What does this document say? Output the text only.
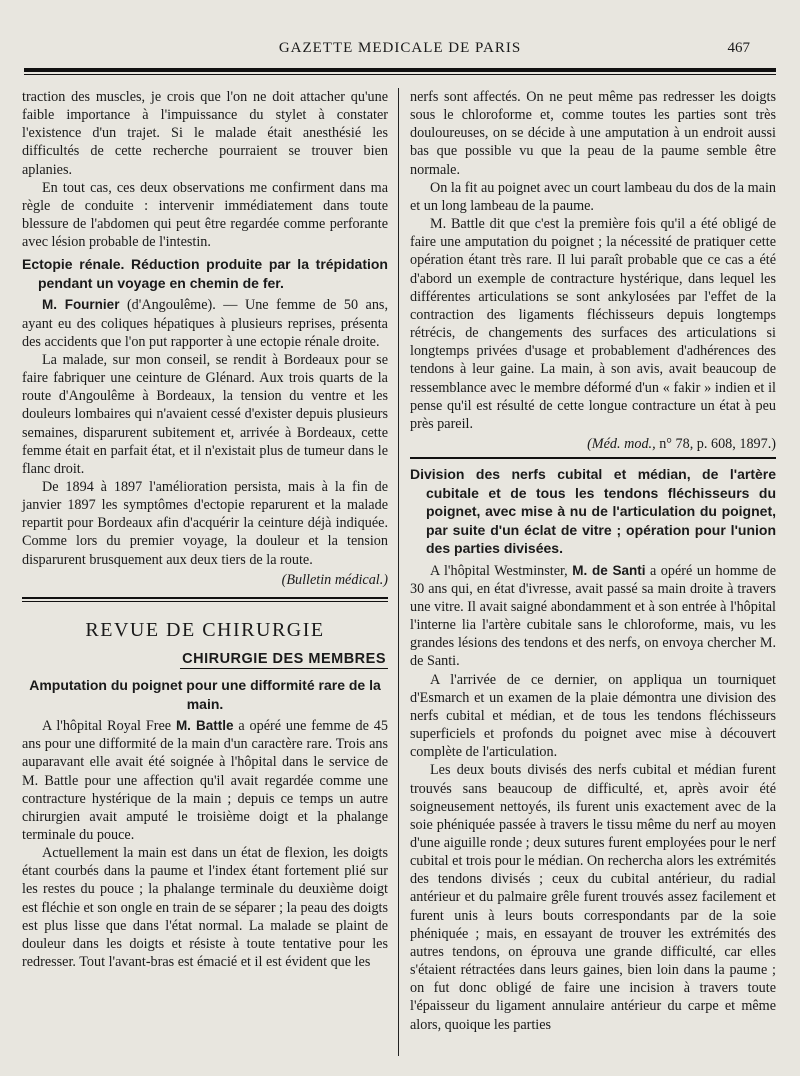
GAZETTE MEDICALE DE PARIS	467

traction des muscles, je crois que l'on ne doit attacher qu'une faible importance à l'impuissance du stylet à constater l'existence d'un trajet. Si le malade était anesthésié les difficultés de cette recherche pourraient se trouver bien aplanies.

En tout cas, ces deux observations me confirment dans ma règle de conduite : intervenir immédiatement dans toute blessure de l'abdomen qui peut être regardée comme perforante avec lésion probable de l'intestin.

Ectopie rénale. Réduction produite par la trépidation pendant un voyage en chemin de fer.

M. Fournier (d'Angoulême). — Une femme de 50 ans, ayant eu des coliques hépatiques à plusieurs reprises, présenta des accidents que l'on put rapporter à une ectopie rénale droite.

La malade, sur mon conseil, se rendit à Bordeaux pour se faire fabriquer une ceinture de Glénard. Aux trois quarts de la route d'Angoulême à Bordeaux, la tension du ventre et les douleurs lombaires qui n'avaient cessé d'exister depuis plusieurs semaines, disparurent subitement et, arrivée à Bordeaux, cette femme était en parfait état, et il n'existait plus de tumeur dans le flanc droit.

De 1894 à 1897 l'amélioration persista, mais à la fin de janvier 1897 les symptômes d'ectopie reparurent et la malade repartit pour Bordeaux afin d'acquérir la ceinture déjà indiquée. Comme lors du premier voyage, la douleur et la tension disparurent brusquement aux deux tiers de la route.

(Bulletin médical.)
REVUE DE CHIRURGIE
CHIRURGIE DES MEMBRES
Amputation du poignet pour une difformité rare de la main.

A l'hôpital Royal Free M. Battle a opéré une femme de 45 ans pour une difformité de la main d'un caractère rare. Trois ans auparavant elle avait été soignée à l'hôpital dans le service de M. Battle pour une affection qu'il avait regardée comme une contracture hystérique de la main ; depuis ce temps un autre chirurgien avait amputé le troisième doigt et la phalange terminale du pouce.

Actuellement la main est dans un état de flexion, les doigts étant courbés dans la paume et l'index étant fortement plié sur les restes du pouce ; la phalange terminale du deuxième doigt est fléchie et son ongle en train de se séparer ; la peau des doigts est plus lisse que dans l'état normal. La malade se plaint de douleur dans les doigts et résiste à toute tentative pour les redresser. Tout l'avant-bras est émacié et il est évident que les

nerfs sont affectés. On ne peut même pas redresser les doigts sous le chloroforme et, comme toutes les parties sont très douloureuses, on se décide à une amputation à un endroit aussi bas que possible vu que la peau de la paume semble être normale.

On la fit au poignet avec un court lambeau du dos de la main et un long lambeau de la paume.

M. Battle dit que c'est la première fois qu'il a été obligé de faire une amputation du poignet ; la nécessité de pratiquer cette opération étant très rare. Il lui paraît probable que ce cas a été d'abord un exemple de contracture hystérique, dans lequel les différentes articulations se sont ankylosées par l'effet de la contraction des ligaments fléchisseurs depuis longtemps rétrécis, de changements des surfaces des articulations si longtemps privées d'usage et probablement d'adhérences des tendons à leur gaine. La main, à son avis, avait beaucoup de ressemblance avec le membre déformé d'un « fakir » indien et il pense qu'il est résulté de cette longue contracture un état à peu près pareil.

(Méd. mod., n° 78, p. 608, 1897.)
Division des nerfs cubital et médian, de l'artère cubitale et de tous les tendons fléchisseurs du poignet, avec mise à nu de l'articulation du poignet, par suite d'un éclat de vitre ; opération pour l'union des parties divisées.

A l'hôpital Westminster, M. de Santi a opéré un homme de 30 ans qui, en état d'ivresse, avait passé sa main droite à travers une vitre. Il avait saigné abondamment et à son entrée à l'hôpital l'interne lia l'artère cubitale sans le chloroforme, mais, vu les grandes lésions des tendons et des nerfs, on envoya chercher M. de Santi.

A l'arrivée de ce dernier, on appliqua un tourniquet d'Esmarch et un examen de la plaie démontra une division des nerfs cubital et médian, et de tous les tendons fléchisseurs superficiels et profonds du poignet avec mise à découvert complète de l'articulation.

Les deux bouts divisés des nerfs cubital et médian furent trouvés sans beaucoup de difficulté, et, après avoir été soigneusement nettoyés, ils furent unis exactement avec de la soie phéniquée passée à travers le tissu même du nerf au moyen d'une aiguille ronde ; deux sutures furent employées pour le nerf cubital et trois pour le médian. On rechercha alors les extrémités des tendons divisés ; ceux du cubital antérieur, du radial antérieur et du palmaire grêle furent trouvés assez facilement et furent unis à leurs bouts correspondants par de la soie phéniquée ; mais, en essayant de trouver les extrémités des autres tendons, on éprouva une grande difficulté, car elles s'étaient rétractées dans leurs gaines, bien loin dans la paume ; on fut donc obligé de faire une incision à travers toute l'épaisseur du ligament annulaire antérieur du carpe et même alors, quoique les parties
